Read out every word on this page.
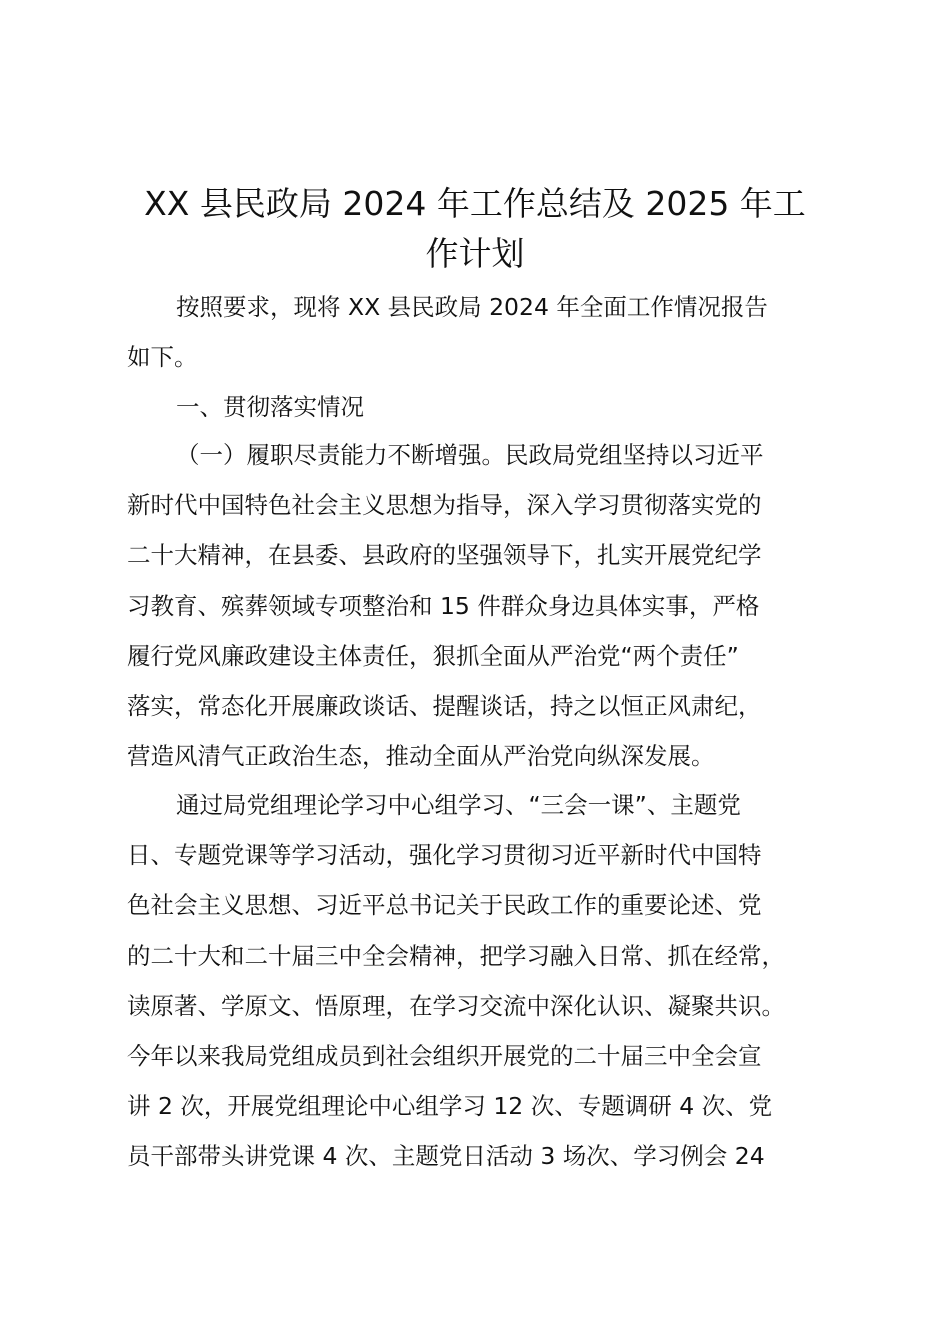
XX 县民政局 2024 年工作总结及 2025 年工
作计划
按照要求，现将 XX 县民政局 2024 年全面工作情况报告
如下。
一、贯彻落实情况
（一）履职尽责能力不断增强。民政局党组坚持以习近平
新时代中国特色社会主义思想为指导，深入学习贯彻落实党的
二十大精神，在县委、县政府的坚强领导下，扎实开展党纪学
习教育、殡葬领域专项整治和 15 件群众身边具体实事，严格
履行党风廉政建设主体责任，狠抓全面从严治党“两个责任”
落实，常态化开展廉政谈话、提醒谈话，持之以恒正风肃纪，
营造风清气正政治生态，推动全面从严治党向纵深发展。
通过局党组理论学习中心组学习、“三会一课”、主题党
日、专题党课等学习活动，强化学习贯彻习近平新时代中国特
色社会主义思想、习近平总书记关于民政工作的重要论述、党
的二十大和二十届三中全会精神，把学习融入日常、抓在经常，
读原著、学原文、悟原理，在学习交流中深化认识、凝聚共识。
今年以来我局党组成员到社会组织开展党的二十届三中全会宣
讲 2 次，开展党组理论中心组学习 12 次、专题调研 4 次、党
员干部带头讲党课 4 次、主题党日活动 3 场次、学习例会 24
